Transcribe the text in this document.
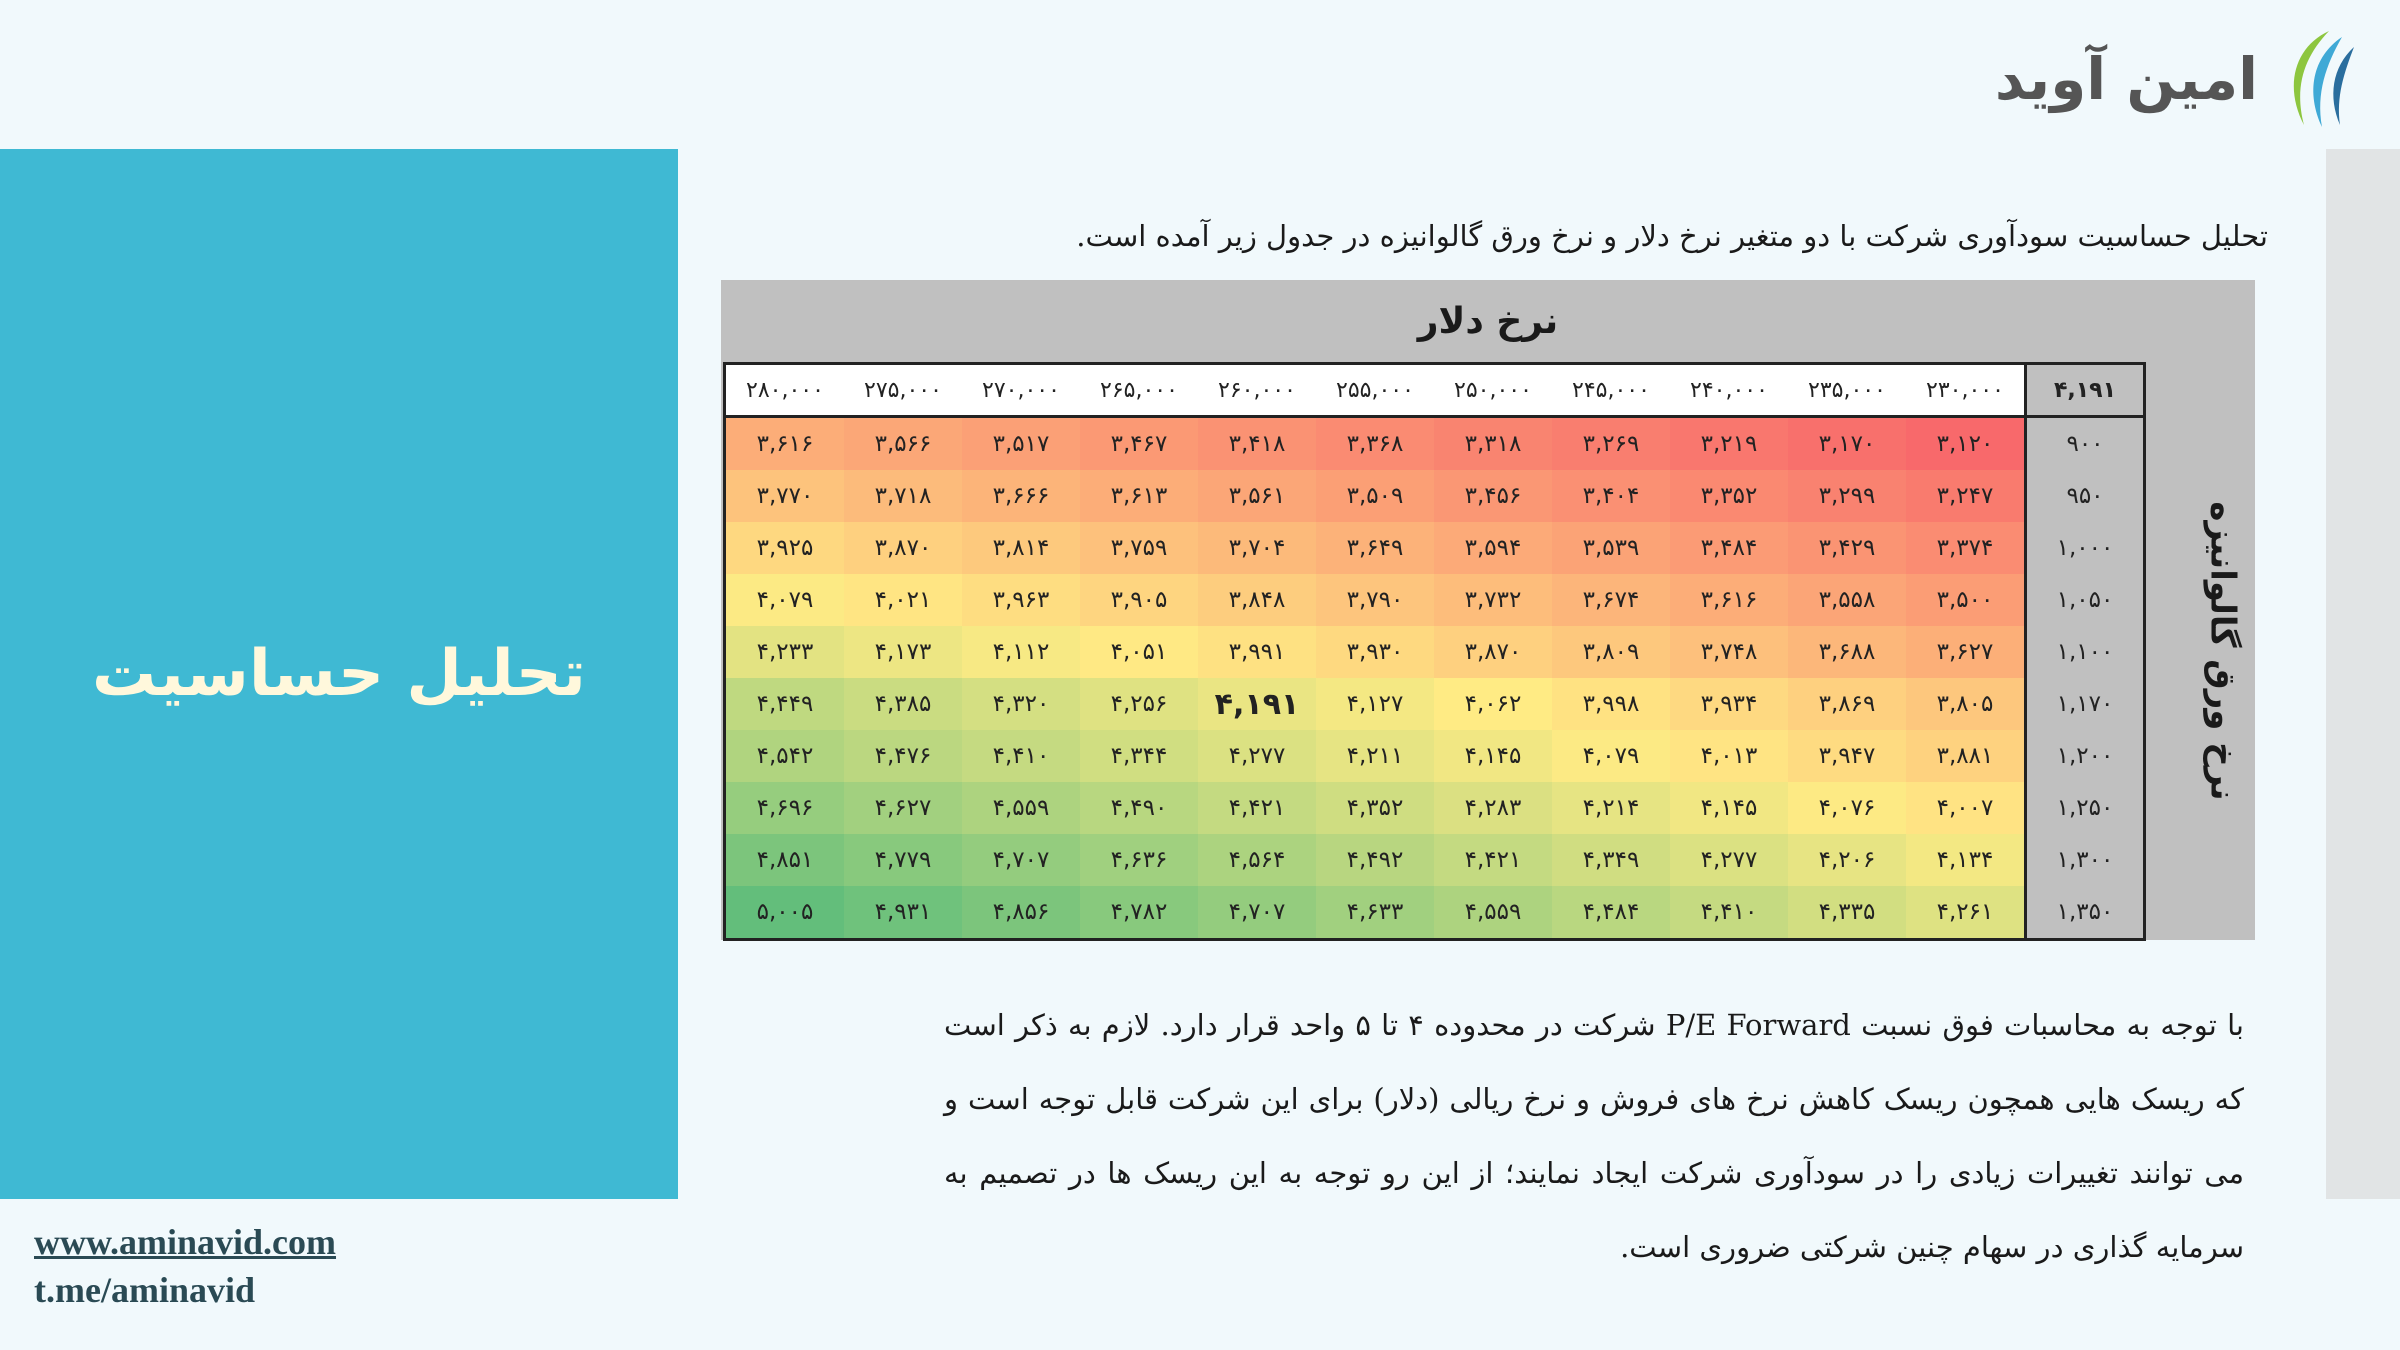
امین آوید
تحلیل حساسیت
تحلیل حساسیت سودآوری شرکت با دو متغیر نرخ دلار و نرخ ورق گالوانیزه در جدول زیر آمده است.
نرخ دلار
نرخ ورق گالوانیزه
۴,۱۹۱	۲۳۰,۰۰۰	۲۳۵,۰۰۰	۲۴۰,۰۰۰	۲۴۵,۰۰۰	۲۵۰,۰۰۰	۲۵۵,۰۰۰	۲۶۰,۰۰۰	۲۶۵,۰۰۰	۲۷۰,۰۰۰	۲۷۵,۰۰۰	۲۸۰,۰۰۰
۹۰۰	۳,۱۲۰	۳,۱۷۰	۳,۲۱۹	۳,۲۶۹	۳,۳۱۸	۳,۳۶۸	۳,۴۱۸	۳,۴۶۷	۳,۵۱۷	۳,۵۶۶	۳,۶۱۶
۹۵۰	۳,۲۴۷	۳,۲۹۹	۳,۳۵۲	۳,۴۰۴	۳,۴۵۶	۳,۵۰۹	۳,۵۶۱	۳,۶۱۳	۳,۶۶۶	۳,۷۱۸	۳,۷۷۰
۱,۰۰۰	۳,۳۷۴	۳,۴۲۹	۳,۴۸۴	۳,۵۳۹	۳,۵۹۴	۳,۶۴۹	۳,۷۰۴	۳,۷۵۹	۳,۸۱۴	۳,۸۷۰	۳,۹۲۵
۱,۰۵۰	۳,۵۰۰	۳,۵۵۸	۳,۶۱۶	۳,۶۷۴	۳,۷۳۲	۳,۷۹۰	۳,۸۴۸	۳,۹۰۵	۳,۹۶۳	۴,۰۲۱	۴,۰۷۹
۱,۱۰۰	۳,۶۲۷	۳,۶۸۸	۳,۷۴۸	۳,۸۰۹	۳,۸۷۰	۳,۹۳۰	۳,۹۹۱	۴,۰۵۱	۴,۱۱۲	۴,۱۷۳	۴,۲۳۳
۱,۱۷۰	۳,۸۰۵	۳,۸۶۹	۳,۹۳۴	۳,۹۹۸	۴,۰۶۲	۴,۱۲۷	۴,۱۹۱	۴,۲۵۶	۴,۳۲۰	۴,۳۸۵	۴,۴۴۹
۱,۲۰۰	۳,۸۸۱	۳,۹۴۷	۴,۰۱۳	۴,۰۷۹	۴,۱۴۵	۴,۲۱۱	۴,۲۷۷	۴,۳۴۴	۴,۴۱۰	۴,۴۷۶	۴,۵۴۲
۱,۲۵۰	۴,۰۰۷	۴,۰۷۶	۴,۱۴۵	۴,۲۱۴	۴,۲۸۳	۴,۳۵۲	۴,۴۲۱	۴,۴۹۰	۴,۵۵۹	۴,۶۲۷	۴,۶۹۶
۱,۳۰۰	۴,۱۳۴	۴,۲۰۶	۴,۲۷۷	۴,۳۴۹	۴,۴۲۱	۴,۴۹۲	۴,۵۶۴	۴,۶۳۶	۴,۷۰۷	۴,۷۷۹	۴,۸۵۱
۱,۳۵۰	۴,۲۶۱	۴,۳۳۵	۴,۴۱۰	۴,۴۸۴	۴,۵۵۹	۴,۶۳۳	۴,۷۰۷	۴,۷۸۲	۴,۸۵۶	۴,۹۳۱	۵,۰۰۵
با توجه به محاسبات فوق نسبت P/E Forward شرکت در محدوده ۴ تا ۵ واحد قرار دارد. لازم به ذکر است که ریسک هایی همچون ریسک کاهش نرخ های فروش و نرخ ریالی (دلار) برای این شرکت قابل توجه است و می توانند تغییرات زیادی را در سودآوری شرکت ایجاد نمایند؛ از این رو توجه به این ریسک ها در تصمیم به سرمایه گذاری در سهام چنین شرکتی ضروری است.
www.aminavid.com
t.me/aminavid
